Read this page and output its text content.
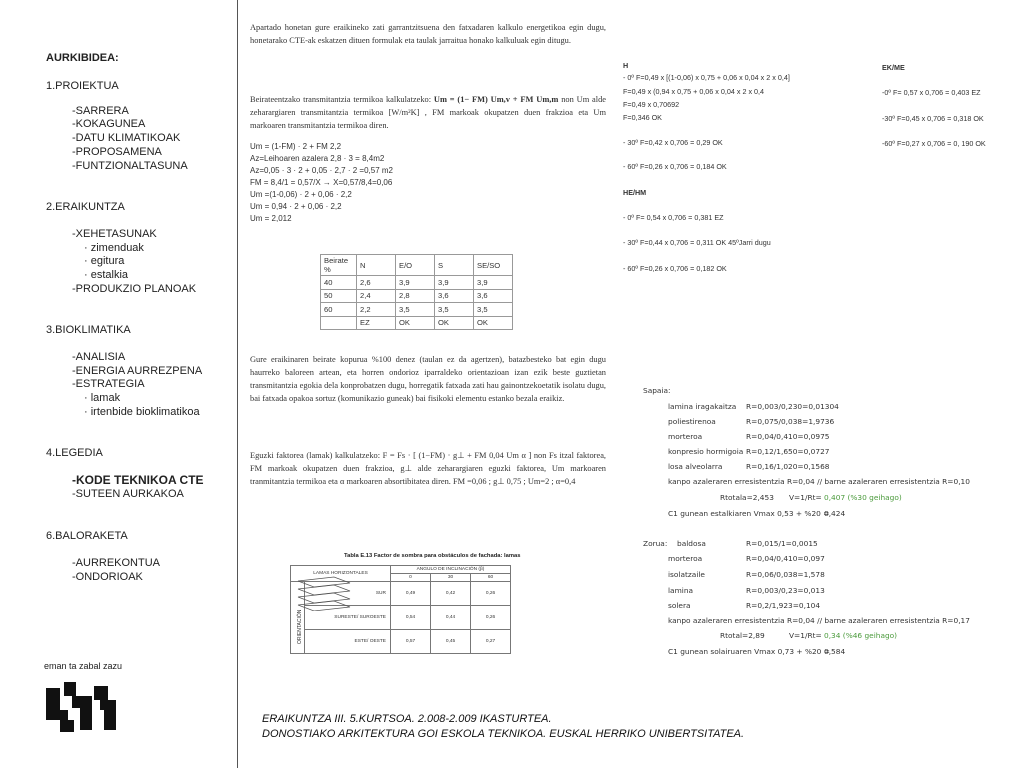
AURKIBIDEA:
1.PROIEKTUA
-SARRERA
-KOKAGUNEA
-DATU KLIMATIKOAK
-PROPOSAMENA
-FUNTZIONALTASUNA
2.ERAIKUNTZA
-XEHETASUNAK
· zimenduak
· egitura
· estalkia
-PRODUKZIO PLANOAK
3.BIOKLIMATIKA
-ANALISIA
-ENERGIA AURREZPENA
-ESTRATEGIA
· lamak
· irtenbide bioklimatikoa
4.LEGEDIA
-KODE TEKNIKOA CTE
-SUTEEN AURKAKOA
6.BALORAKETA
-AURREKONTUA
-ONDORIOAK
eman ta zabal zazu

Apartado honetan gure eraikineko zati garrantzitsuena den fatxadaren kalkulo energetikoa egin dugu, honetarako CTE-ak eskatzen dituen formulak eta taulak jarraitua honako kalkuluak egin ditugu.

Beirateentzako transmitantzia termikoa kalkulatzeko: Um = (1− FM) Um,v + FM Um,m non Um alde zeharargiaren transmitantzia termikoa [W/m²K] , FM markoak okupatzen duen frakzioa eta Um markoaren transmitantzia termikoa diren.

Um = (1-FM) · 2 + FM 2,2
Az=Leihoaren azalera 2,8 · 3 = 8,4m2
Az=0,05 · 3 · 2 + 0,05 · 2,7 · 2 =0,57 m2
FM = 8,4/1 = 0,57/X → X=0,57/8,4=0,06
Um =(1-0,06) · 2 + 0,06 · 2,2
Um = 0,94 · 2 + 0,06 · 2,2
Um = 2,012
Beirate %	N	E/O	S	SE/SO
40	2,6	3,9	3,9	3,9
50	2,4	2,8	3,6	3,6
60	2,2	3,5	3,5	3,5
	EZ	OK	OK	OK

Gure eraikinaren beirate kopurua %100 denez (taulan ez da agertzen), batazbesteko bat egin dugu haurreko baloreen artean, eta horren ondorioz iparraldeko orientazioan izan ezik beste guztietan transmitantzia egokia dela konprobatzen dugu, horregatik fatxada zati hau gainontzekoetatik isolatu dugu, bai fatxada opakoa sortuz (komunikazio guneak) bai fisikoki elementu estanko bezala eraikiz.

Eguzki faktorea (lamak) kalkulatzeko: F = Fs · [ (1−FM) · g⊥ + FM 0,04 Um α ] non Fs itzal faktorea, FM markoak okupatzen duen frakzioa, g⊥ alde zeharargiaren eguzki faktorea, Um markoaren tranmitantzia termikoa eta α markoaren absortibitatea diren. FM =0,06 ; g⊥ 0,75 ; Um=2 ; α=0,4

Tabla E.13 Factor de sombra para obstáculos de fachada: lamas
LAMAS HORIZONTALES		ANGULO DE INCLINACIÓN (β)		
		0	30	60

ORIENTACIÓN	SUR	0,49	0,42	0,26
	SURESTE/ SUROESTE	0,54	0,44	0,26
	ESTE/ OESTE	0,57	0,45	0,27
H
- 0º F=0,49 x [(1-0,06) x 0,75 + 0,06 x 0,04 x 2 x 0,4]
F=0,49 x (0,94 x 0,75 + 0,06 x 0,04 x 2 x 0,4
F=0,49 x 0,70692
F=0,346 OK
- 30º F=0,42 x 0,706 = 0,29 OK
- 60º F=0,26 x 0,706 = 0,184 OK
HE/HM
- 0º F= 0,54 x 0,706 = 0,381 EZ
- 30º F=0,44 x 0,706 = 0,311 OK 45ºJarri dugu
- 60º F=0,26 x 0,706 = 0,182 OK
EK/ME
-0º F= 0,57 x 0,706 = 0,403 EZ
-30º F=0,45 x 0,706 = 0,318 OK
-60º F=0,27 x 0,706 = 0, 190 OK
Sapaia:
lamina iragakaitza R=0,003/0,230=0,01304
poliestirenoa	R=0,075/0,038=1,9736
morteroa	R=0,04/0,410=0,0975
konpresio hormigoia R=0,12/1,650=0,0727
losa alveolarra	R=0,16/1,020=0,1568
kanpo azaleraren erresistentzia R=0,04 // barne azaleraren erresistentzia R=0,10
Rtotala=2,453 V=1/Rt= 0,407 (%30 geihago)
C1 gunean estalkiaren Vmax 0,53 + %20 =
0,424
Zorua: baldosa	R=0,015/1=0,0015
morteroa	R=0,04/0,410=0,097
isolatzaile	R=0,06/0,038=1,578
lamina	R=0,003/0,23=0,013
solera	R=0,2/1,923=0,104
kanpo azaleraren erresistentzia R=0,04 // barne azaleraren erresistentzia R=0,17
Rtotal=2,89	V=1/Rt= 0,34 (%46 geihago)
C1 gunean solairuaren Vmax 0,73 + %20 =
0,584
ERAIKUNTZA III. 5.KURTSOA. 2.008-2.009 IKASTURTEA.
DONOSTIAKO ARKITEKTURA GOI ESKOLA TEKNIKOA. EUSKAL HERRIKO UNIBERTSITATEA.
